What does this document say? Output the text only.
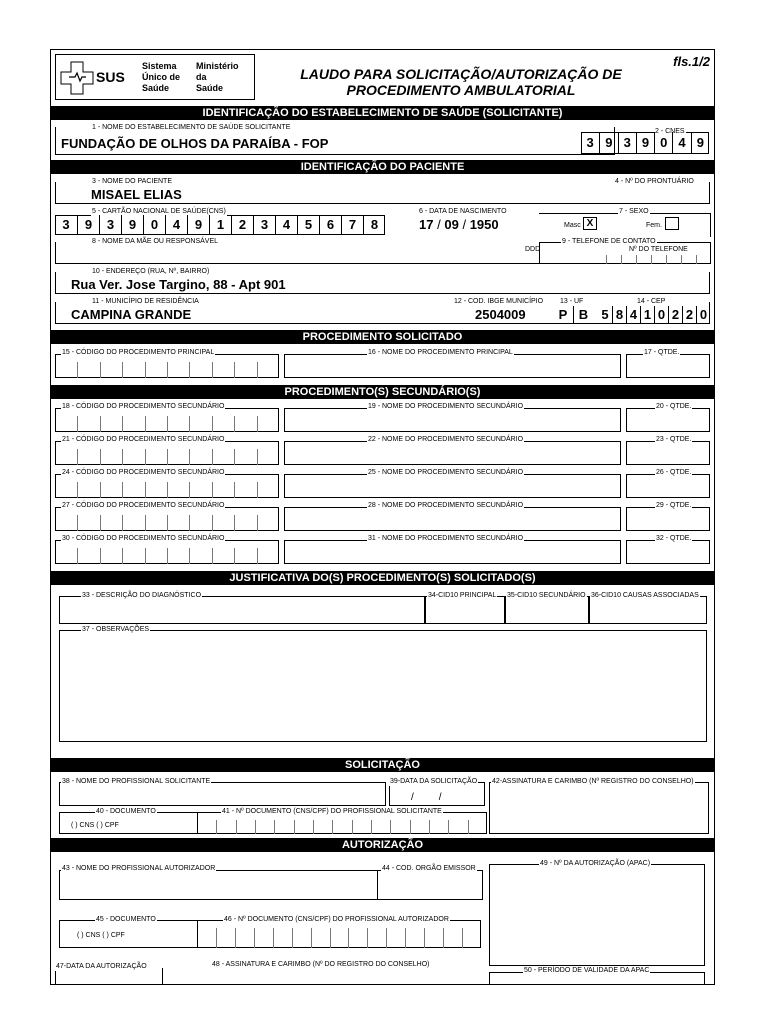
SUS
Sistema
Único de
Saúde
Ministério
da
Saúde
LAUDO PARA SOLICITAÇÃO/AUTORIZAÇÃO DE
PROCEDIMENTO AMBULATORIAL
fls.1/2
IDENTIFICAÇÃO DO ESTABELECIMENTO DE SAÚDE (SOLICITANTE)
1 - NOME DO ESTABELECIMENTO DE SAÚDE SOLICITANTE
FUNDAÇÃO DE OLHOS DA PARAÍBA - FOP
2 - CNES
3 9 3 9 0 4 9
IDENTIFICAÇÃO DO PACIENTE
3 - NOME DO PACIENTE
MISAEL ELIAS
4 - Nº DO PRONTUÁRIO
5 - CARTÃO NACIONAL DE SAÚDE(CNS)
3	9	3	9	0	4	9	1	2	3	4	5	6	7	8
6 - DATA DE NASCIMENTO
17 / 09 / 1950
7 - SEXO
Masc X	Fem.
8 - NOME DA MÃE OU RESPONSÁVEL	9 - TELEFONE DE CONTATO
DDD	Nº DO TELEFONE
10 - ENDEREÇO (RUA, Nº, BAIRRO)
Rua Ver. Jose Targino, 88 - Apt 901
11 - MUNICÍPIO DE RESIDÊNCIA
CAMPINA GRANDE
12 - COD. IBGE MUNICÍPIO
2504009
13 - UF
P B
14 - CEP
5 8 4 1 0 2 2 0
PROCEDIMENTO SOLICITADO
15 - CÓDIGO DO PROCEDIMENTO PRINCIPAL	16 - NOME DO PROCEDIMENTO PRINCIPAL	17 - QTDE.
PROCEDIMENTO(S) SECUNDÁRIO(S)
JUSTIFICATIVA DO(S) PROCEDIMENTO(S) SOLICITADO(S)
33 - DESCRIÇÃO DO DIAGNÓSTICO	34-CID10 PRINCIPAL 35-CID10 SECUNDÁRIO 36-CID10 CAUSAS ASSOCIADAS
37 - OBSERVAÇÕES
SOLICITAÇÃO
38 - NOME DO PROFISSIONAL SOLICITANTE	39-DATA DA SOLICITAÇÃO
/         /
42-ASSINATURA E CARIMBO (Nº REGISTRO DO CONSELHO)
40 - DOCUMENTO
( ) CNS ( ) CPF
41 - Nº DOCUMENTO (CNS/CPF) DO PROFISSIONAL SOLICITANTE
AUTORIZAÇÃO
43 - NOME DO PROFISSIONAL AUTORIZADOR	44 - COD. ORGÃO EMISSOR
49 - Nº DA AUTORIZAÇÃO (APAC)
45 - DOCUMENTO
( ) CNS ( ) CPF
46 - Nº DOCUMENTO (CNS/CPF) DO PROFISSIONAL AUTORIZADOR
47-DATA DA AUTORIZAÇÃO	48 - ASSINATURA E CARIMBO (Nº DO REGISTRO DO CONSELHO)
50 - PERÍODO DE VALIDADE DA APAC
18 - CÓDIGO DO PROCEDIMENTO SECUNDÁRIO	19 - NOME DO PROCEDIMENTO SECUNDÁRIO	20 - QTDE.
21 - CÓDIGO DO PROCEDIMENTO SECUNDÁRIO	22 - NOME DO PROCEDIMENTO SECUNDÁRIO	23 - QTDE.
24 - CÓDIGO DO PROCEDIMENTO SECUNDÁRIO	25 - NOME DO PROCEDIMENTO SECUNDÁRIO	26 - QTDE.
27 - CÓDIGO DO PROCEDIMENTO SECUNDÁRIO	28 - NOME DO PROCEDIMENTO SECUNDÁRIO	29 - QTDE.
30 - CÓDIGO DO PROCEDIMENTO SECUNDÁRIO	31 - NOME DO PROCEDIMENTO SECUNDÁRIO	32 - QTDE.
